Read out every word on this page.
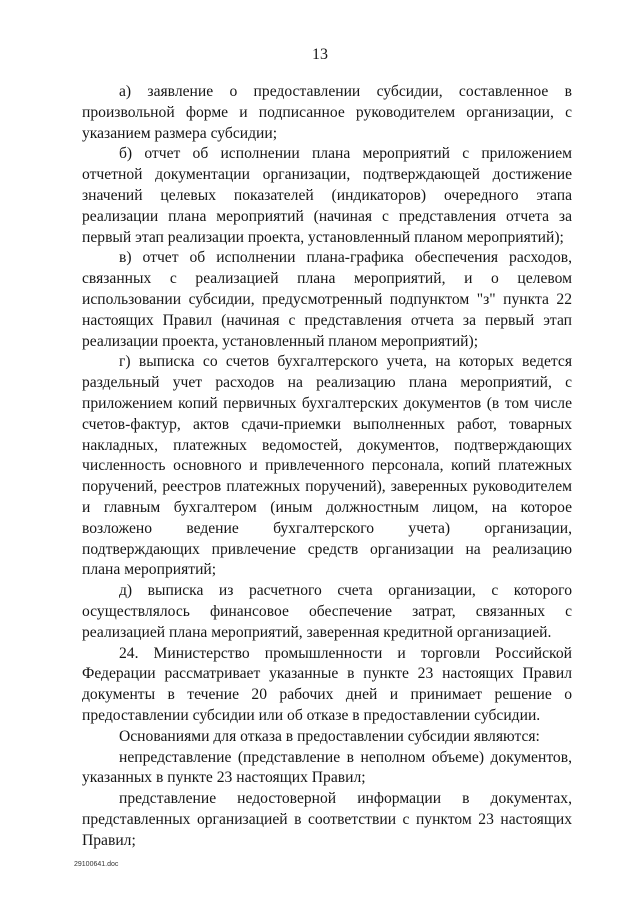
13

а) заявление о предоставлении субсидии, составленное в произвольной форме и подписанное руководителем организации, с указанием размера субсидии;

б) отчет об исполнении плана мероприятий с приложением отчетной документации организации, подтверждающей достижение значений целевых показателей (индикаторов) очередного этапа реализации плана мероприятий (начиная с представления отчета за первый этап реализации проекта, установленный планом мероприятий);

в) отчет об исполнении плана-графика обеспечения расходов, связанных с реализацией плана мероприятий, и о целевом использовании субсидии, предусмотренный подпунктом "з" пункта 22 настоящих Правил (начиная с представления отчета за первый этап реализации проекта, установленный планом мероприятий);

г) выписка со счетов бухгалтерского учета, на которых ведется раздельный учет расходов на реализацию плана мероприятий, с приложением копий первичных бухгалтерских документов (в том числе счетов-фактур, актов сдачи-приемки выполненных работ, товарных накладных, платежных ведомостей, документов, подтверждающих численность основного и привлеченного персонала, копий платежных поручений, реестров платежных поручений), заверенных руководителем и главным бухгалтером (иным должностным лицом, на которое возложено ведение бухгалтерского учета) организации, подтверждающих привлечение средств организации на реализацию плана мероприятий;

д) выписка из расчетного счета организации, с которого осуществлялось финансовое обеспечение затрат, связанных с реализацией плана мероприятий, заверенная кредитной организацией.

24. Министерство промышленности и торговли Российской Федерации рассматривает указанные в пункте 23 настоящих Правил документы в течение 20 рабочих дней и принимает решение о предоставлении субсидии или об отказе в предоставлении субсидии.

Основаниями для отказа в предоставлении субсидии являются:

непредставление (представление в неполном объеме) документов, указанных в пункте 23 настоящих Правил;

представление недостоверной информации в документах, представленных организацией в соответствии с пунктом 23 настоящих Правил;

29100641.doc
